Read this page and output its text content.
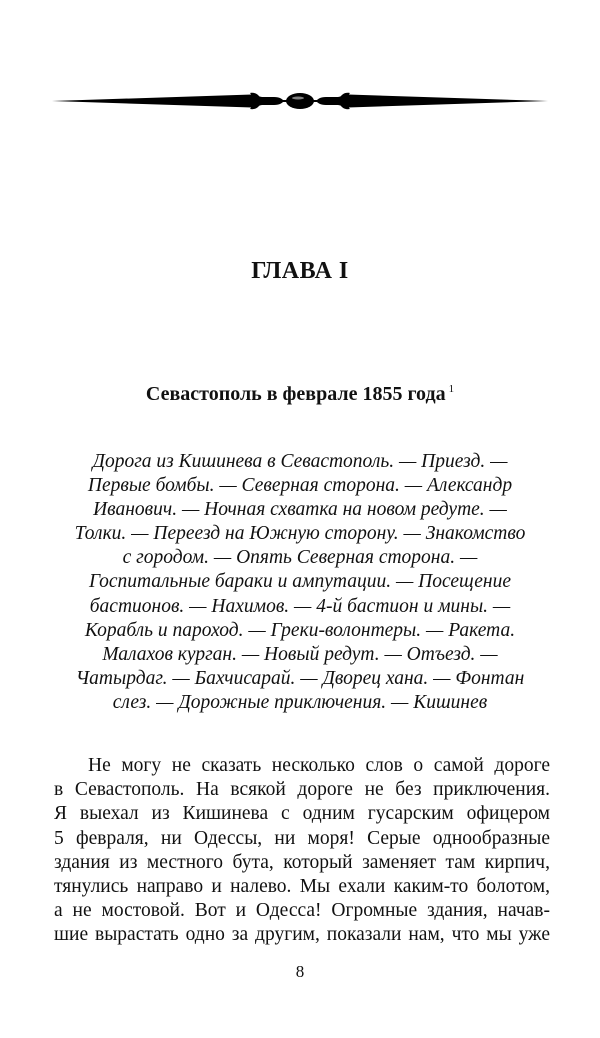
ГЛАВА I
Севастополь в феврале 1855 года $^1$
Дорога из Кишинева в Севастополь. — Приезд. —
Первые бомбы. — Северная сторона. — Александр
Иванович. — Ночная схватка на новом редуте. —
Толки. — Переезд на Южную сторону. — Знакомство
с городом. — Опять Северная сторона. —
Госпитальные бараки и ампутации. — Посещение
бастионов. — Нахимов. — 4-й бастион и мины. —
Корабль и пароход. — Греки-волонтеры. — Ракета.
Малахов курган. — Новый редут. — Отъезд. —
Чатырдаг. — Бахчисарай. — Дворец хана. — Фонтан
слез. — Дорожные приключения. — Кишинев
Не могу не сказать несколько слов о самой дороге
в Севастополь. На всякой дороге не без приключения.
Я выехал из Кишинева с одним гусарским офицером
5 февраля, ни Одессы, ни моря! Серые однообразные
здания из местного бута, который заменяет там кирпич,
тянулись направо и налево. Мы ехали каким-то болотом,
а не мостовой. Вот и Одесса! Огромные здания, начав-
шие вырастать одно за другим, показали нам, что мы уже
8
